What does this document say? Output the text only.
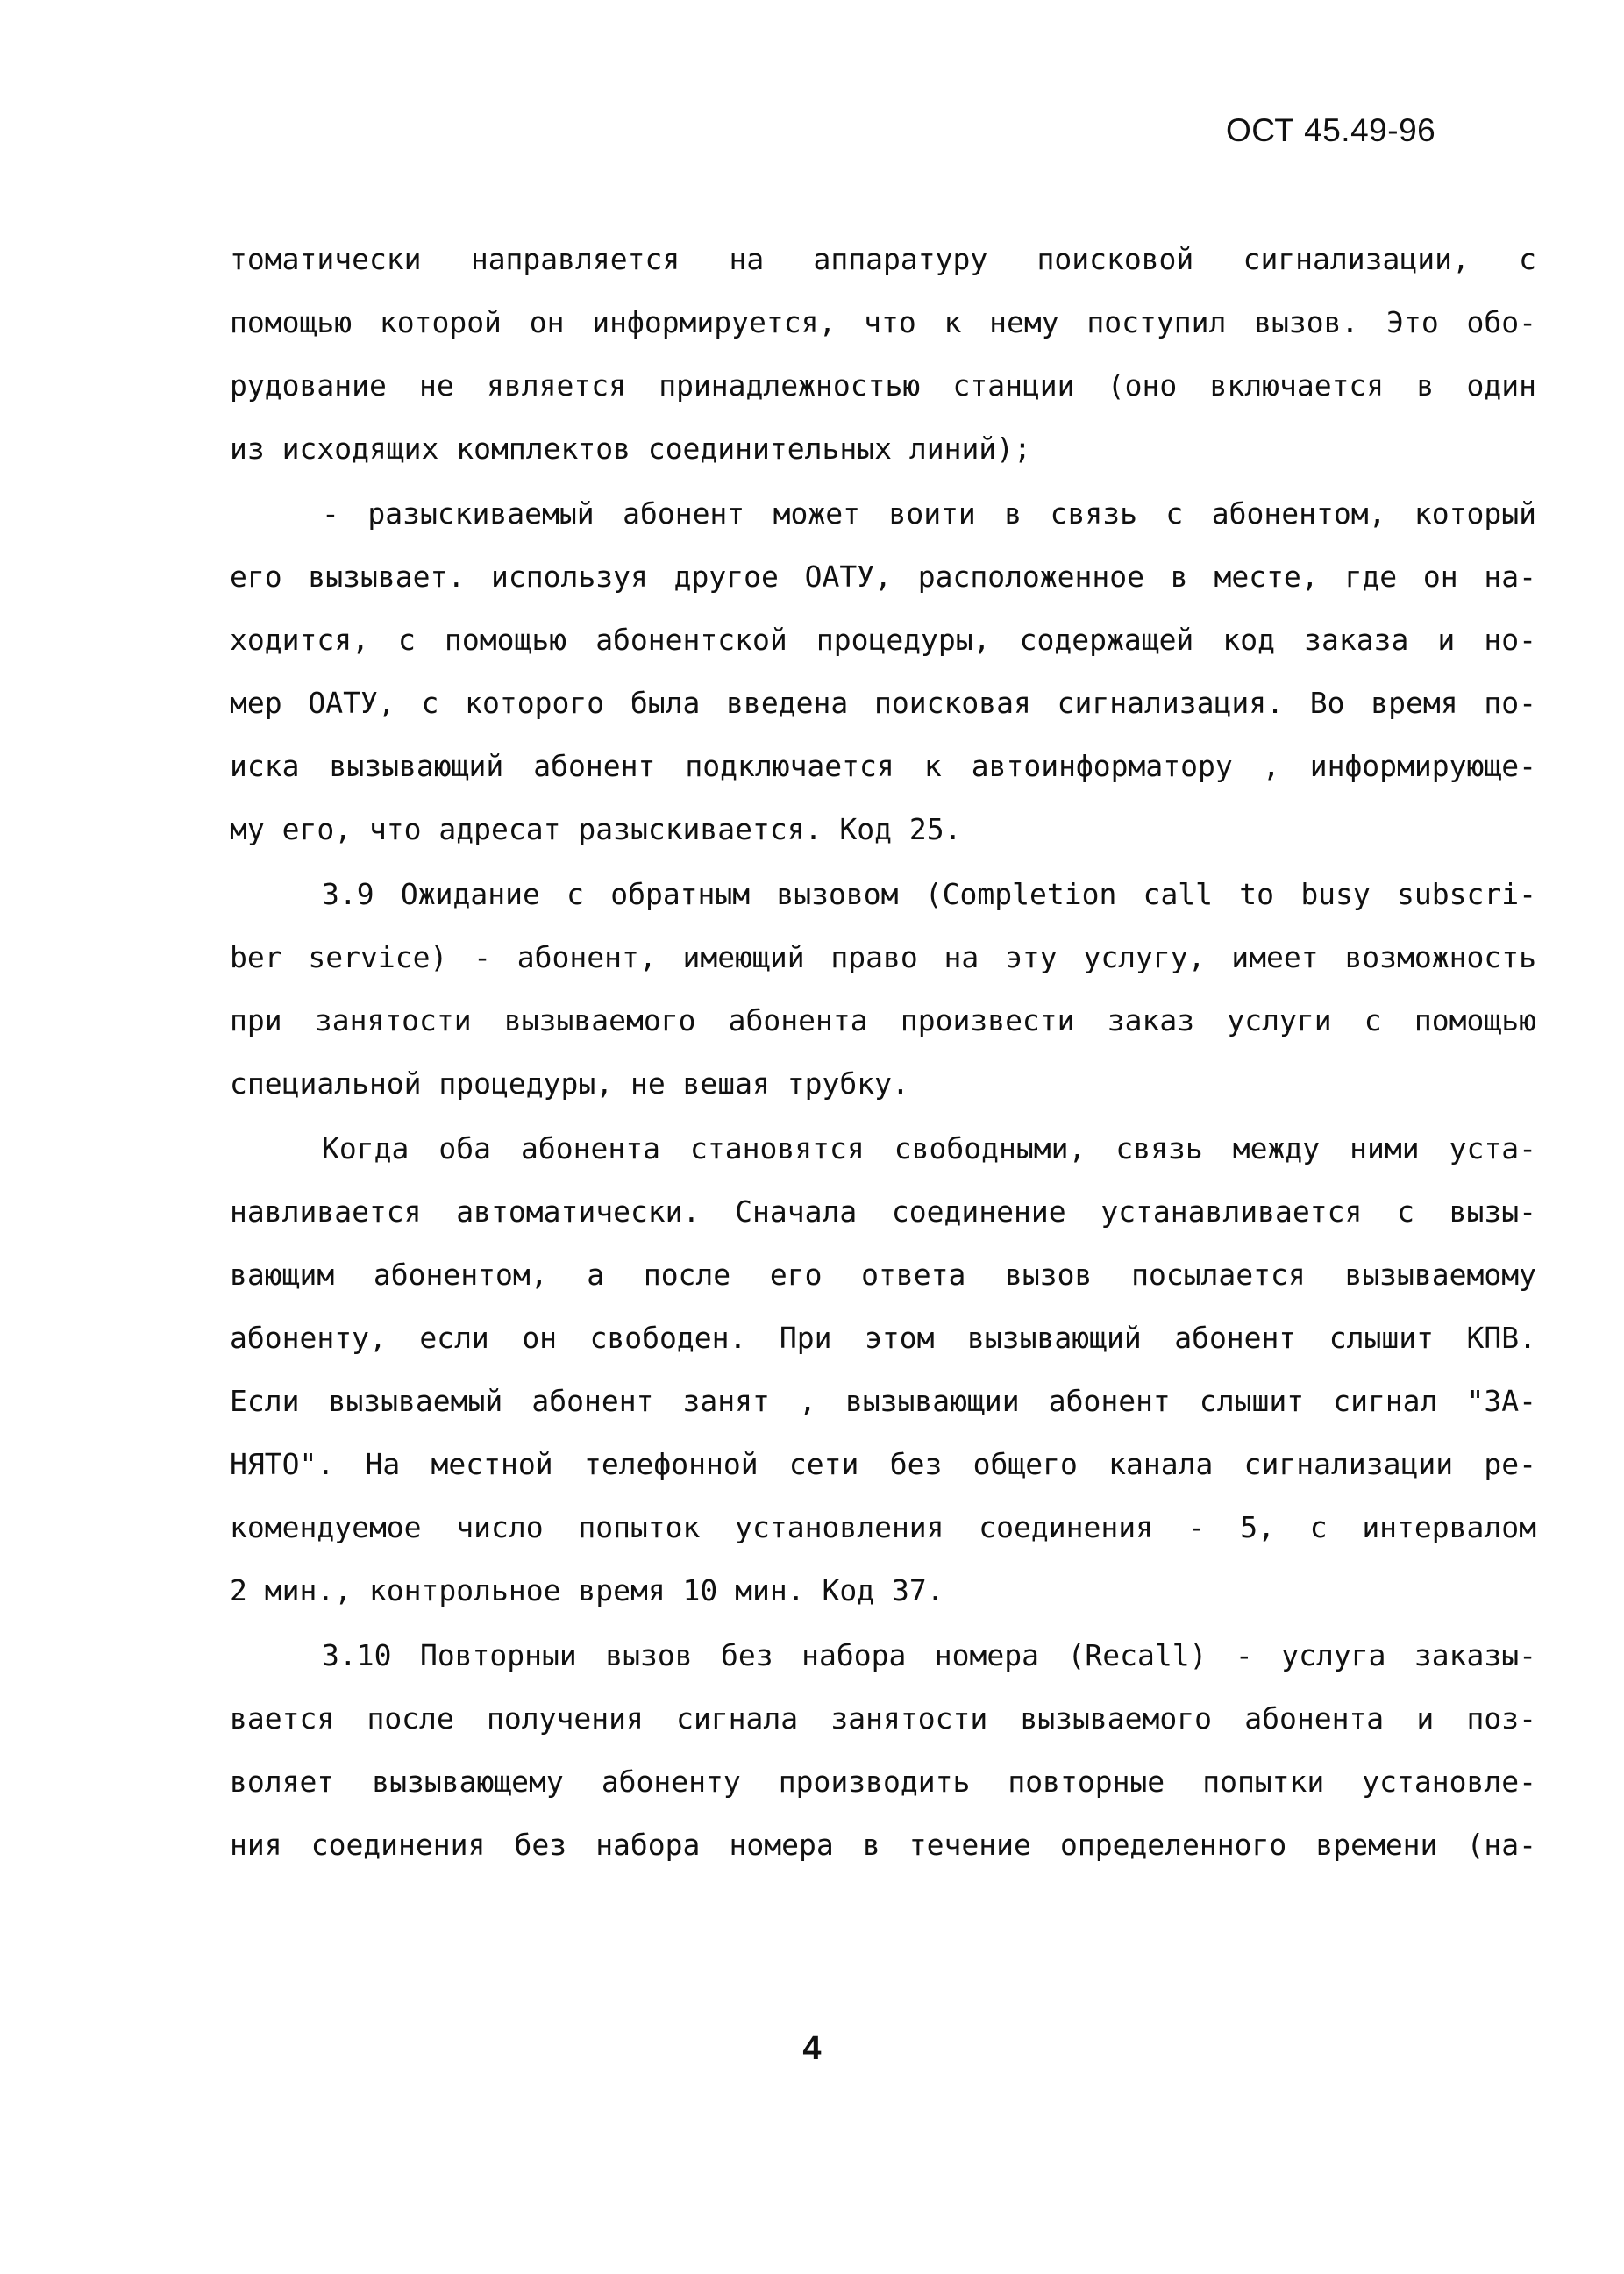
ОСТ 45.49-96
томатически направляется на аппаратуру поисковой сигнализации, с
помощью которой он информируется, что к нему поступил вызов. Это обо-
рудование не является принадлежностью станции (оно включается в один
из исходящих комплектов соединительных линий);
- разыскиваемый абонент может воити в связь с абонентом, который
его вызывает. используя другое ОАТУ, расположенное в месте, где он на-
ходится, с помощью абонентской процедуры, содержащей код заказа и но-
мер ОАТУ, с которого была введена поисковая сигнализация. Во время по-
иска вызывающий абонент подключается к автоинформатору , информирующе-
му его, что адресат разыскивается. Код 25.
3.9 Ожидание с обратным вызовом (Completion call to busy subscri-
ber service) - абонент, имеющий право на эту услугу, имеет возможность
при занятости вызываемого абонента произвести заказ услуги с помощью
специальной процедуры, не вешая трубку.
Когда оба абонента становятся свободными, связь между ними уста-
навливается автоматически. Сначала соединение устанавливается с вызы-
вающим абонентом, а после его ответа вызов посылается вызываемому
абоненту, если он свободен. При этом вызывающий абонент слышит КПВ.
Если вызываемый абонент занят , вызывающии абонент слышит сигнал "ЗА-
НЯТО". На местной телефонной сети без общего канала сигнализации ре-
комендуемое число попыток установления соединения - 5, с интервалом
2 мин., контрольное время 10 мин. Код 37.
3.10 Повторныи вызов без набора номера (Recall) - услуга заказы-
вается после получения сигнала занятости вызываемого абонента и поз-
воляет вызывающему абоненту производить повторные попытки установле-
ния соединения без набора номера в течение определенного времени (на-
4
